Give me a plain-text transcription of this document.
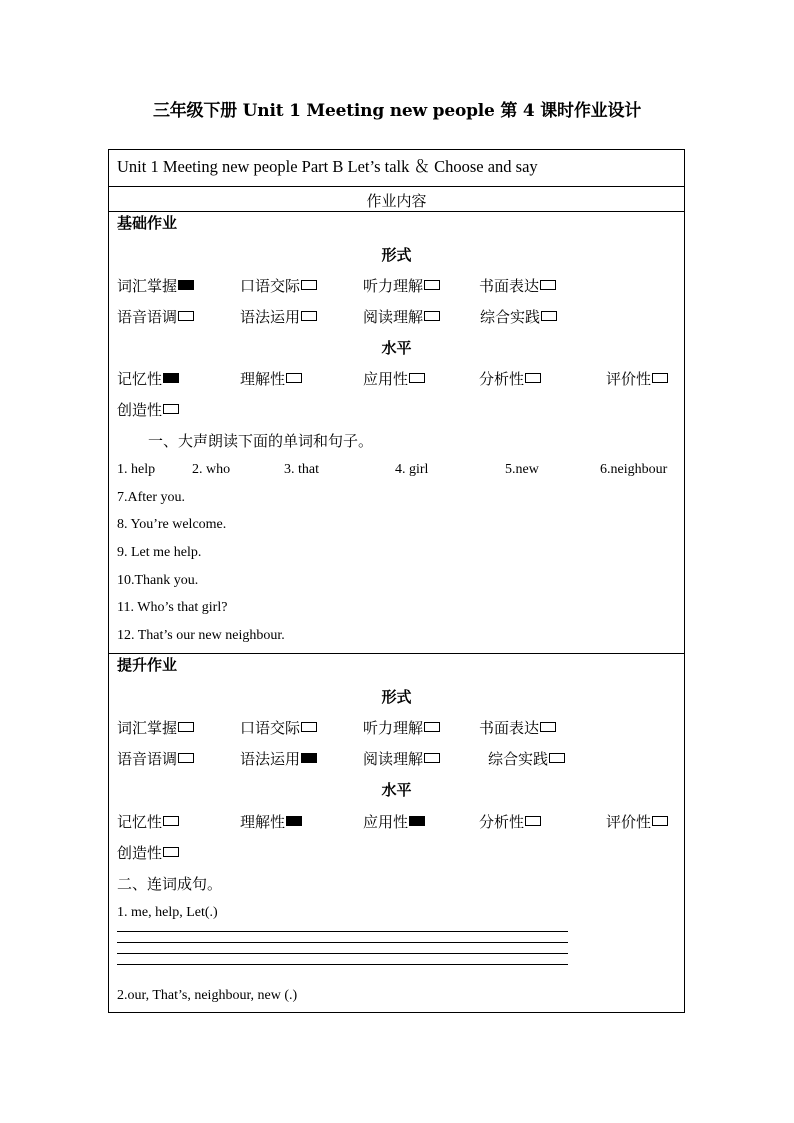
三年级下册 Unit 1 Meeting new people 第 4 课时作业设计
Unit 1 Meeting new people Part B Let’s talk ＆ Choose and say
作业内容
基础作业
形式
词汇掌握	口语交际	听力理解	书面表达
语音语调	语法运用	阅读理解	综合实践
水平
记忆性	理解性	应用性	分析性	评价性
创造性
一、大声朗读下面的单词和句子。
1. help	2. who	3. that	4. girl	5.new	6.neighbour
7.After you.
8. You’re welcome.
9. Let me help.
10.Thank you.
11. Who’s that girl?
12. That’s our new neighbour.
提升作业
形式
词汇掌握	口语交际	听力理解	书面表达
语音语调	语法运用	阅读理解	综合实践
水平
记忆性	理解性	应用性	分析性	评价性
创造性
二、连词成句。
1. me, help, Let(.)
2.our, That’s, neighbour, new (.)
